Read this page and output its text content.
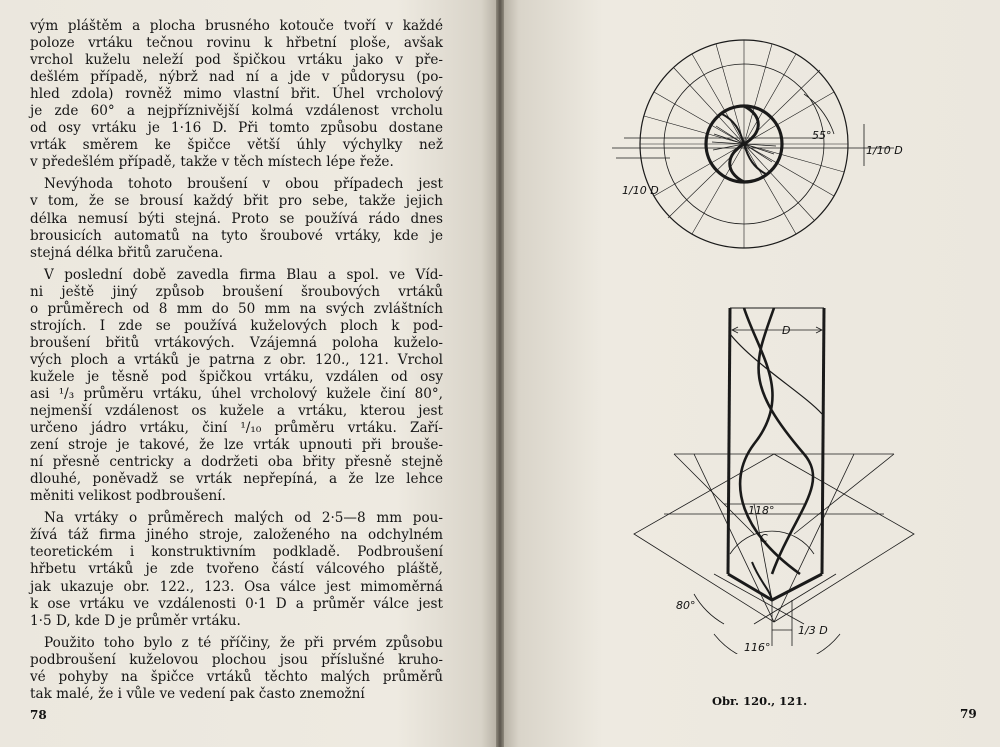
vým pláštěm a plocha brusného kotouče tvoří v každé
poloze vrtáku tečnou rovinu k hřbetní ploše, avšak
vrchol kuželu neleží pod špičkou vrtáku jako v pře-
dešlém případě, nýbrž nad ní a jde v půdorysu (po-
hled zdola) rovněž mimo vlastní břit. Úhel vrcholový
je zde 60° a nejpříznivější kolmá vzdálenost vrcholu
od osy vrtáku je 1·16 D. Při tomto způsobu dostane
vrták směrem ke špičce větší úhly výchylky než
v předešlém případě, takže v těch místech lépe řeže.
Nevýhoda tohoto broušení v obou případech jest
v tom, že se brousí každý břit pro sebe, takže jejich
délka nemusí býti stejná. Proto se používá rádo dnes
brousicích automatů na tyto šroubové vrtáky, kde je
stejná délka břitů zaručena.
V poslední době zavedla firma Blau a spol. ve Víd-
ni ještě jiný způsob broušení šroubových vrtáků
o průměrech od 8 mm do 50 mm na svých zvláštních
strojích. I zde se používá kuželových ploch k pod-
broušení břitů vrtákových. Vzájemná poloha kuželo-
vých ploch a vrtáků je patrna z obr. 120., 121. Vrchol
kužele je těsně pod špičkou vrtáku, vzdálen od osy
asi ¹/₃ průměru vrtáku, úhel vrcholový kužele činí 80°,
nejmenší vzdálenost os kužele a vrtáku, kterou jest
určeno jádro vrtáku, činí ¹/₁₀ průměru vrtáku. Zaří-
zení stroje je takové, že lze vrták upnouti při brouše-
ní přesně centricky a dodržeti oba břity přesně stejně
dlouhé, poněvadž se vrták nepřepíná, a že lze lehce
měniti velikost podbroušení.
Na vrtáky o průměrech malých od 2·5—8 mm pou-
žívá táž firma jiného stroje, založeného na odchylném
teoretickém i konstruktivním podkladě. Podbroušení
hřbetu vrtáků je zde tvořeno částí válcového pláště,
jak ukazuje obr. 122., 123. Osa válce jest mimoměrná
k ose vrtáku ve vzdálenosti 0·1 D a průměr válce jest
1·5 D, kde D je průměr vrtáku.
Použito toho bylo z té příčiny, že při prvém způsobu
podbroušení kuželovou plochou jsou příslušné kruho-
vé pohyby na špičce vrtáků těchto malých průměrů
tak malé, že i vůle ve vedení pak často znemožní
78
55°
1/10 D
1/10 D
D
118°
C
80°
1/3 D
116°
Obr. 120., 121.
79
